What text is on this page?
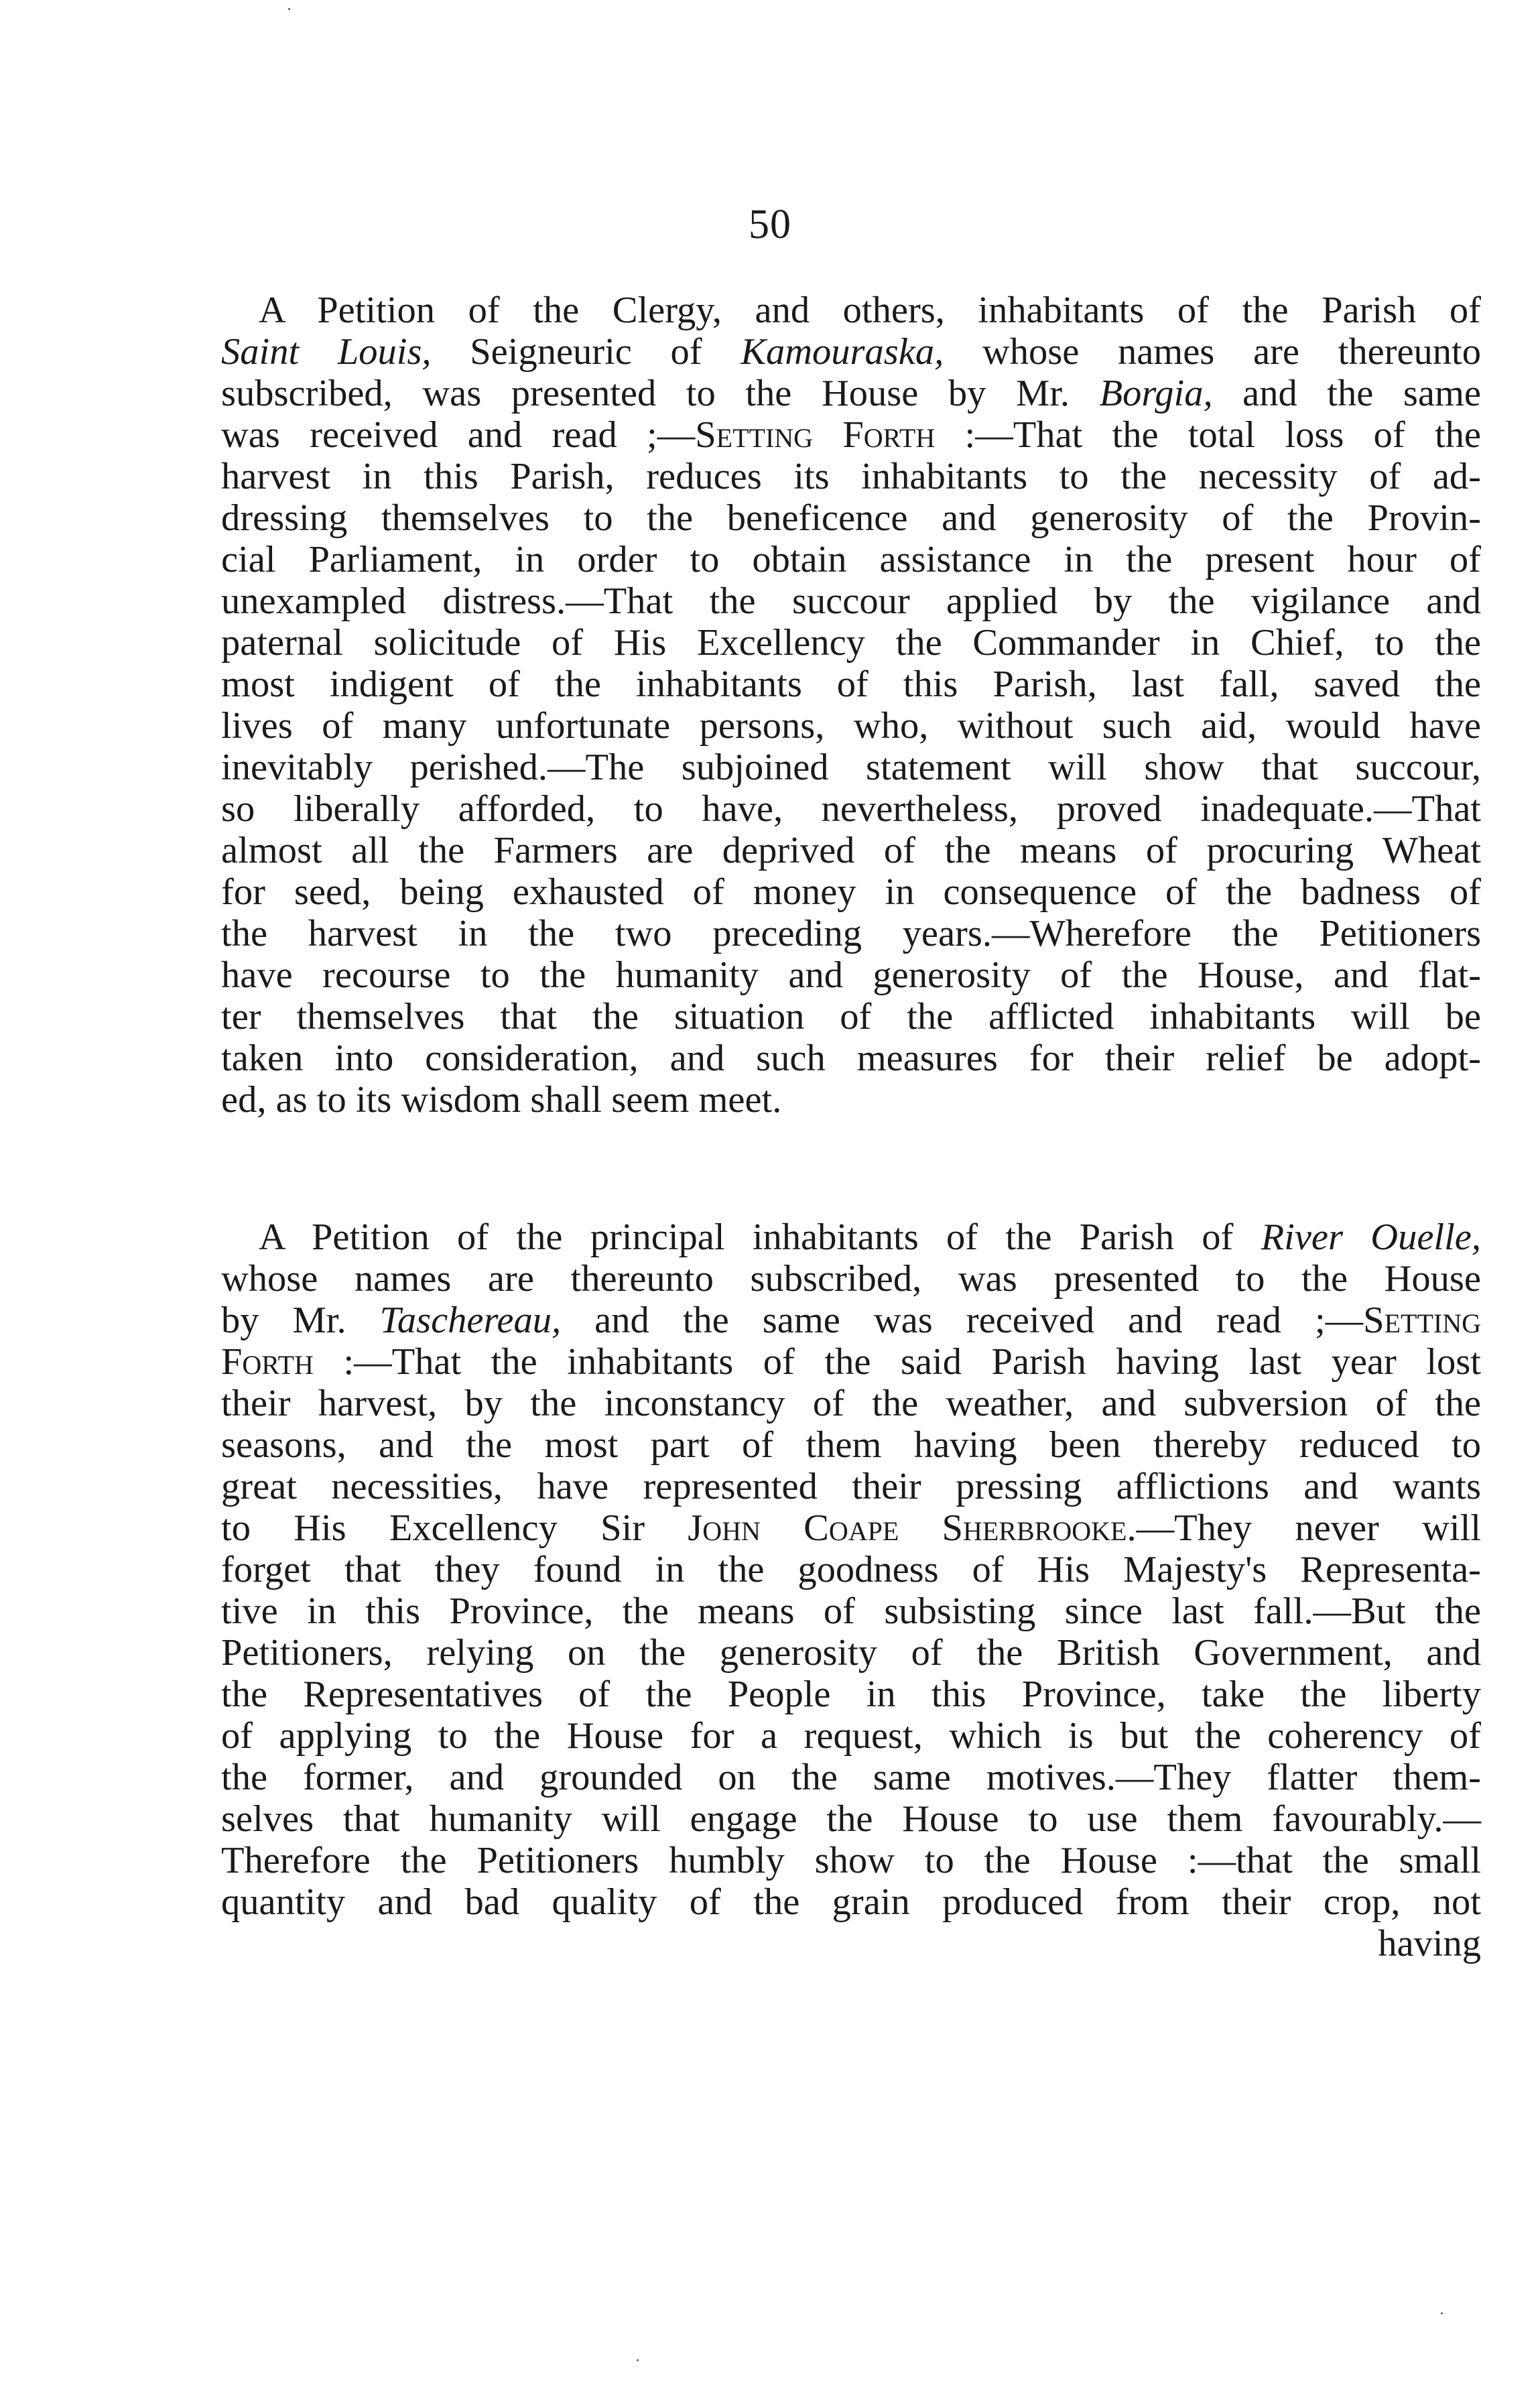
50
A Petition of the Clergy, and others, inhabitants of the Parish of
Saint Louis, Seigneuric of Kamouraska, whose names are thereunto
subscribed, was presented to the House by Mr. Borgia, and the same
was received and read ;—Setting Forth :—That the total loss of the
harvest in this Parish, reduces its inhabitants to the necessity of ad-
dressing themselves to the beneficence and generosity of the Provin-
cial Parliament, in order to obtain assistance in the present hour of
unexampled distress.—That the succour applied by the vigilance and
paternal solicitude of His Excellency the Commander in Chief, to the
most indigent of the inhabitants of this Parish, last fall, saved the
lives of many unfortunate persons, who, without such aid, would have
inevitably perished.—The subjoined statement will show that succour,
so liberally afforded, to have, nevertheless, proved inadequate.—That
almost all the Farmers are deprived of the means of procuring Wheat
for seed, being exhausted of money in consequence of the badness of
the harvest in the two preceding years.—Wherefore the Petitioners
have recourse to the humanity and generosity of the House, and flat-
ter themselves that the situation of the afflicted inhabitants will be
taken into consideration, and such measures for their relief be adopt-
ed, as to its wisdom shall seem meet.
A Petition of the principal inhabitants of the Parish of River Ouelle,
whose names are thereunto subscribed, was presented to the House
by Mr. Taschereau, and the same was received and read ;—Setting
Forth :—That the inhabitants of the said Parish having last year lost
their harvest, by the inconstancy of the weather, and subversion of the
seasons, and the most part of them having been thereby reduced to
great necessities, have represented their pressing afflictions and wants
to His Excellency Sir John Coape Sherbrooke.—They never will
forget that they found in the goodness of His Majesty's Representa-
tive in this Province, the means of subsisting since last fall.—But the
Petitioners, relying on the generosity of the British Government, and
the Representatives of the People in this Province, take the liberty
of applying to the House for a request, which is but the coherency of
the former, and grounded on the same motives.—They flatter them-
selves that humanity will engage the House to use them favourably.—
Therefore the Petitioners humbly show to the House :—that the small
quantity and bad quality of the grain produced from their crop, not
having
